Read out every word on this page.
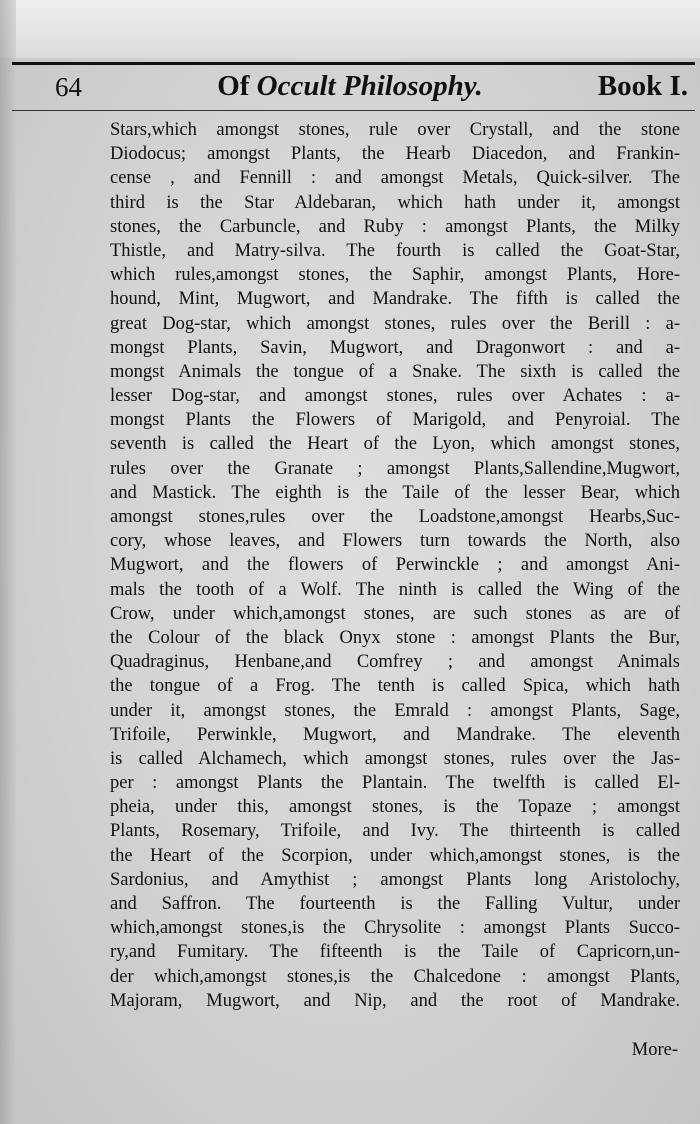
64	Of Occult Philosophy.	Book I.
Stars,which amongst stones, rule over Crystall, and the stone
Diodocus; amongst Plants, the Hearb Diacedon, and Frankin-
cense , and Fennill : and amongst Metals, Quick-silver. The
third is the Star Aldebaran, which hath under it, amongst
stones, the Carbuncle, and Ruby : amongst Plants, the Milky
Thistle, and Matry-silva. The fourth is called the Goat-Star,
which rules,amongst stones, the Saphir, amongst Plants, Hore-
hound, Mint, Mugwort, and Mandrake. The fifth is called the
great Dog-star, which amongst stones, rules over the Berill : a-
mongst Plants, Savin, Mugwort, and Dragonwort : and a-
mongst Animals the tongue of a Snake. The sixth is called the
lesser Dog-star, and amongst stones, rules over Achates : a-
mongst Plants the Flowers of Marigold, and Penyroial. The
seventh is called the Heart of the Lyon, which amongst stones,
rules over the Granate ; amongst Plants,Sallendine,Mugwort,
and Mastick. The eighth is the Taile of the lesser Bear, which
amongst stones,rules over the Loadstone,amongst Hearbs,Suc-
cory, whose leaves, and Flowers turn towards the North, also
Mugwort, and the flowers of Perwinckle ; and amongst Ani-
mals the tooth of a Wolf. The ninth is called the Wing of the
Crow, under which,amongst stones, are such stones as are of
the Colour of the black Onyx stone : amongst Plants the Bur,
Quadraginus, Henbane,and Comfrey ; and amongst Animals
the tongue of a Frog. The tenth is called Spica, which hath
under it, amongst stones, the Emrald : amongst Plants, Sage,
Trifoile, Perwinkle, Mugwort, and Mandrake. The eleventh
is called Alchamech, which amongst stones, rules over the Jas-
per : amongst Plants the Plantain. The twelfth is called El-
pheia, under this, amongst stones, is the Topaze ; amongst
Plants, Rosemary, Trifoile, and Ivy. The thirteenth is called
the Heart of the Scorpion, under which,amongst stones, is the
Sardonius, and Amythist ; amongst Plants long Aristolochy,
and Saffron. The fourteenth is the Falling Vultur, under
which,amongst stones,is the Chrysolite : amongst Plants Succo-
ry,and Fumitary. The fifteenth is the Taile of Capricorn,un-
der which,amongst stones,is the Chalcedone : amongst Plants,
Majoram, Mugwort, and Nip, and the root of Mandrake.
More-
